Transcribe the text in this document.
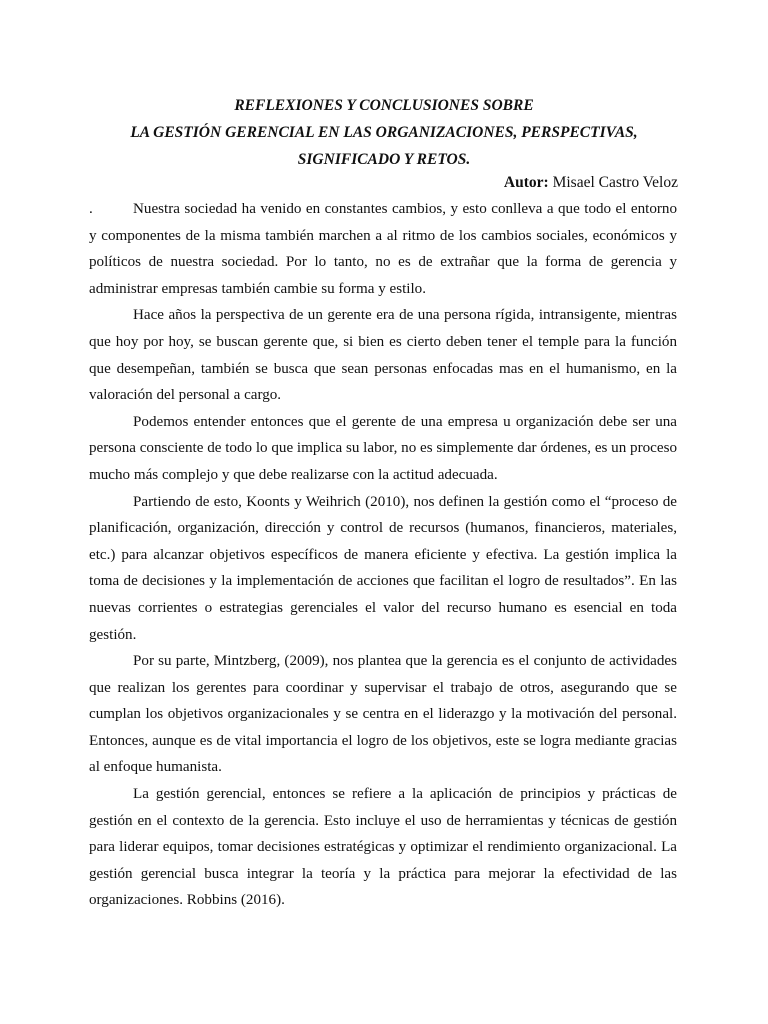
REFLEXIONES Y CONCLUSIONES SOBRE
LA GESTIÓN GERENCIAL EN LAS ORGANIZACIONES, PERSPECTIVAS,
SIGNIFICADO Y RETOS.
Autor: Misael Castro Veloz

.	Nuestra sociedad ha venido en constantes cambios, y esto conlleva a que todo el entorno y componentes de la misma también marchen a al ritmo de los cambios sociales, económicos y políticos de nuestra sociedad. Por lo tanto, no es de extrañar que la forma de gerencia y administrar empresas también cambie su forma y estilo.

Hace años la perspectiva de un gerente era de una persona rígida, intransigente, mientras que hoy por hoy, se buscan gerente que, si bien es cierto deben tener el temple para la función que desempeñan, también se busca que sean personas enfocadas mas en el humanismo, en la valoración del personal a cargo.

Podemos entender entonces que el gerente de una empresa u organización debe ser una persona consciente de todo lo que implica su labor, no es simplemente dar órdenes, es un proceso mucho más complejo y que debe realizarse con la actitud adecuada.

Partiendo de esto, Koonts y Weihrich (2010), nos definen la gestión como el “proceso de planificación, organización, dirección y control de recursos (humanos, financieros, materiales, etc.) para alcanzar objetivos específicos de manera eficiente y efectiva. La gestión implica la toma de decisiones y la implementación de acciones que facilitan el logro de resultados”. En las nuevas corrientes o estrategias gerenciales el valor del recurso humano es esencial en toda gestión.

Por su parte, Mintzberg, (2009), nos plantea que la gerencia es el conjunto de actividades que realizan los gerentes para coordinar y supervisar el trabajo de otros, asegurando que se cumplan los objetivos organizacionales y se centra en el liderazgo y la motivación del personal. Entonces, aunque es de vital importancia el logro de los objetivos, este se logra mediante gracias al enfoque humanista.

La gestión gerencial, entonces se refiere a la aplicación de principios y prácticas de gestión en el contexto de la gerencia. Esto incluye el uso de herramientas y técnicas de gestión para liderar equipos, tomar decisiones estratégicas y optimizar el rendimiento organizacional. La gestión gerencial busca integrar la teoría y la práctica para mejorar la efectividad de las organizaciones. Robbins (2016).
